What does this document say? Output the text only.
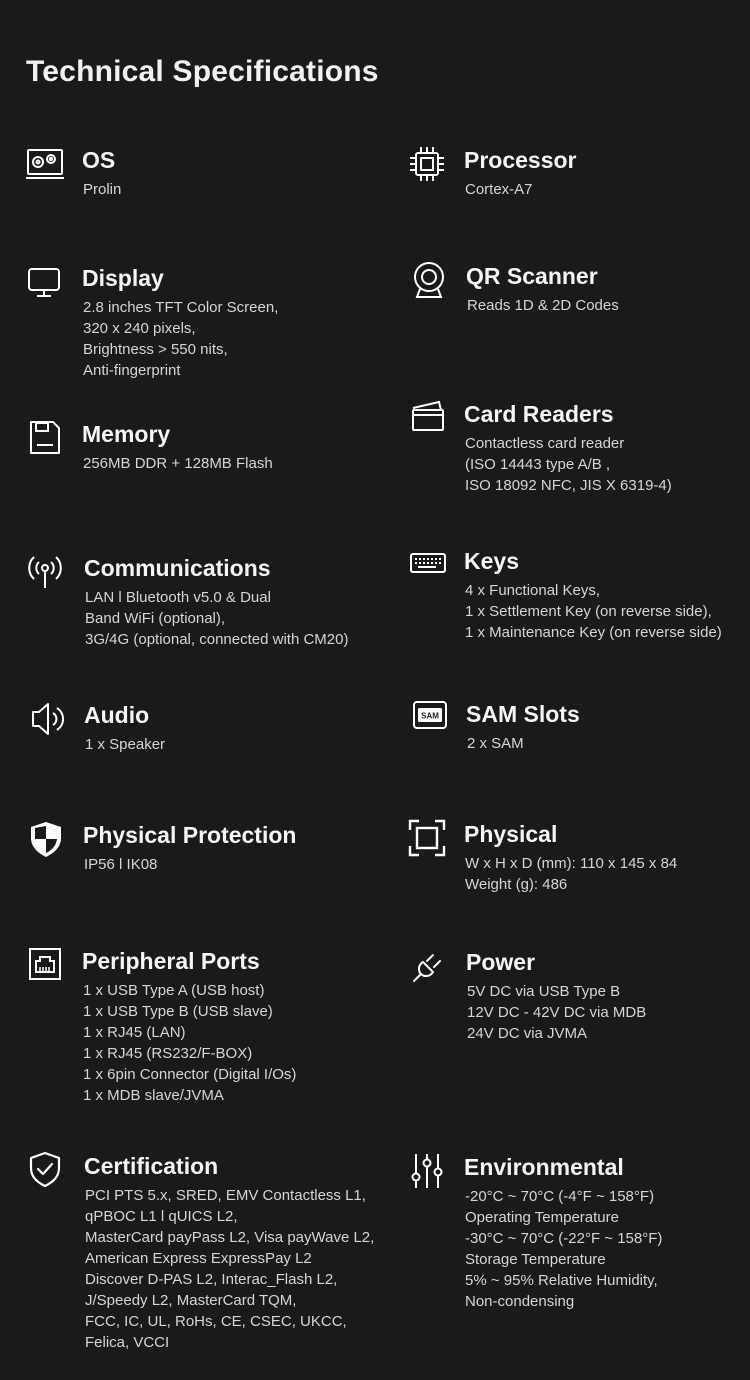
Technical Specifications
OS
Prolin
Processor
Cortex-A7
Display
2.8 inches TFT Color Screen,
320 x 240 pixels,
Brightness > 550 nits,
Anti-fingerprint
QR Scanner
Reads 1D & 2D Codes
Memory
256MB DDR + 128MB Flash
Card Readers
Contactless card reader
(ISO 14443 type A/B ,
ISO 18092 NFC, JIS X 6319-4)
Communications
LAN l Bluetooth v5.0 & Dual
Band WiFi (optional),
3G/4G (optional, connected with CM20)
Keys
4 x Functional Keys,
1 x Settlement Key (on reverse side),
1 x Maintenance Key (on reverse side)
Audio
1 x Speaker
SAM SAM Slots
2 x SAM
Physical Protection
IP56 l IK08
Physical
W x H x D (mm): 110 x 145 x 84
Weight (g): 486
Peripheral Ports
1 x USB Type A (USB host)
1 x USB Type B (USB slave)
1 x RJ45 (LAN)
1 x RJ45 (RS232/F-BOX)
1 x 6pin Connector (Digital I/Os)
1 x MDB slave/JVMA
Power
5V DC via USB Type B
12V DC - 42V DC via MDB
24V DC via JVMA
Certification
PCI PTS 5.x, SRED, EMV Contactless L1,
qPBOC L1 l qUICS L2,
MasterCard payPass L2, Visa payWave L2,
American Express ExpressPay L2
Discover D-PAS L2, Interac_Flash L2,
J/Speedy L2, MasterCard TQM,
FCC, IC, UL, RoHs, CE, CSEC, UKCC,
Felica, VCCI
Environmental
-20°C ~ 70°C (-4°F ~ 158°F)
Operating Temperature
-30°C ~ 70°C (-22°F ~ 158°F)
Storage Temperature
5% ~ 95% Relative Humidity,
Non-condensing
